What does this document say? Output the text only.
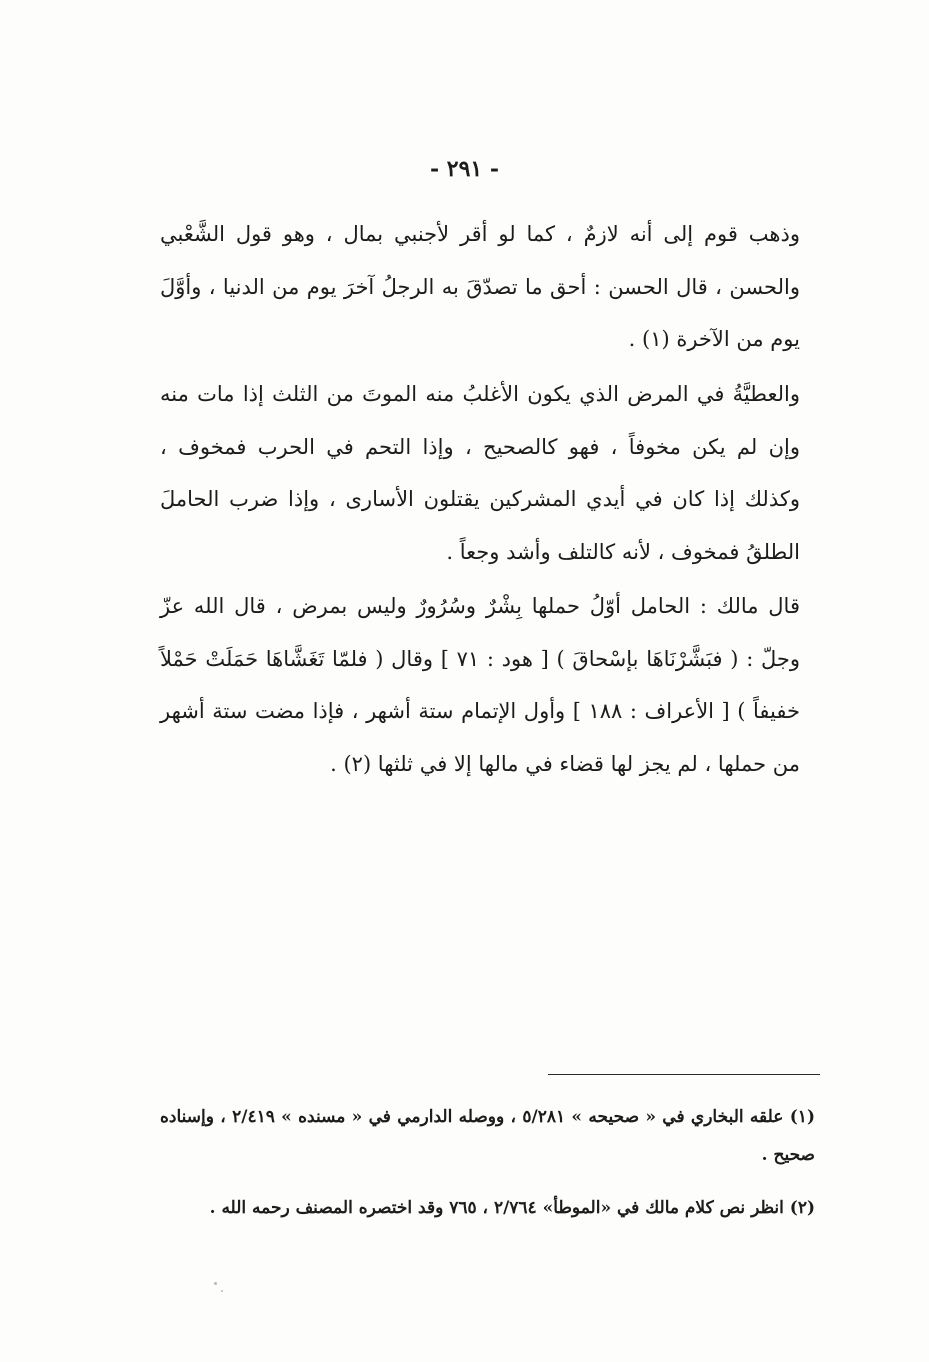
- ٢٩١ -

وذهب قوم إلى أنه لازمٌ ، كما لو أقر لأجنبي بمال ، وهو قول الشَّعْبي والحسن ، قال الحسن : أحق ما تصدّقَ به الرجلُ آخرَ يوم من الدنيا ، وأوَّلَ يوم من الآخرة (١) .

والعطيَّةُ في المرض الذي يكون الأغلبُ منه الموتَ من الثلث إذا مات منه وإن لم يكن مخوفاً ، فهو كالصحيح ، وإذا التحم في الحرب فمخوف ، وكذلك إذا كان في أيدي المشركين يقتلون الأسارى ، وإذا ضرب الحاملَ الطلقُ فمخوف ، لأنه كالتلف وأشد وجعاً .

قال مالك : الحامل أوّلُ حملها بِشْرٌ وسُرُورٌ وليس بمرض ، قال الله عزّ وجلّ : ( فبَشَّرْنَاهَا بإسْحاقَ ) [ هود : ٧١ ] وقال ( فلمّا تَغَشَّاهَا حَمَلَتْ حَمْلاً خفيفاً ) [ الأعراف : ١٨٨ ] وأول الإتمام ستة أشهر ، فإذا مضت ستة أشهر من حملها ، لم يجز لها قضاء في مالها إلا في ثلثها (٢) .

(١) علقه البخاري في « صحيحه » ٥/٢٨١ ، ووصله الدارمي في « مسنده » ٢/٤١٩ ، وإسناده صحيح .

(٢) انظر نص كلام مالك في «الموطأ» ٢/٧٦٤ ، ٧٦٥ وقد اختصره المصنف رحمه الله .
